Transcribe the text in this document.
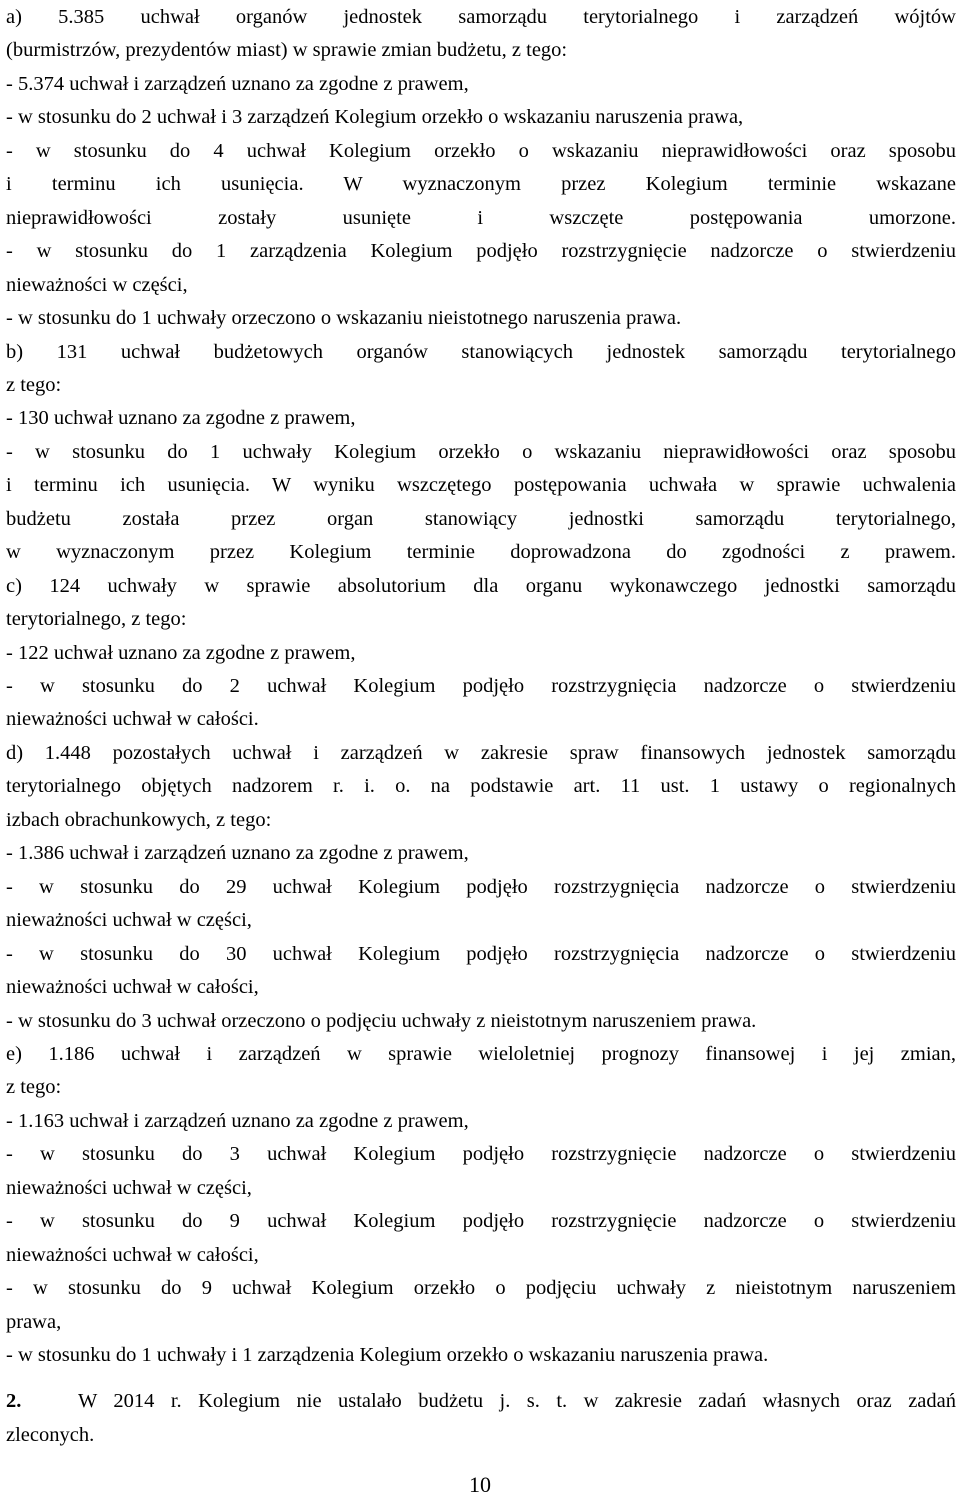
a) 5.385 uchwał organów jednostek samorządu terytorialnego i zarządzeń wójtów
(burmistrzów, prezydentów miast) w sprawie zmian budżetu, z tego:
- 5.374 uchwał i zarządzeń uznano za zgodne z prawem,
- w stosunku do 2 uchwał i 3 zarządzeń Kolegium orzekło o wskazaniu naruszenia prawa,
- w stosunku do 4 uchwał Kolegium orzekło o wskazaniu nieprawidłowości oraz sposobu
i terminu ich usunięcia. W wyznaczonym przez Kolegium terminie wskazane
nieprawidłowości zostały usunięte i wszczęte postępowania umorzone.
- w stosunku do 1 zarządzenia Kolegium podjęło rozstrzygnięcie nadzorcze o stwierdzeniu
nieważności w części,
- w stosunku do 1 uchwały orzeczono o wskazaniu nieistotnego naruszenia prawa.
b) 131 uchwał budżetowych organów stanowiących jednostek samorządu terytorialnego
z tego:
- 130 uchwał uznano za zgodne z prawem,
- w stosunku do 1 uchwały Kolegium orzekło o wskazaniu nieprawidłowości oraz sposobu
i terminu ich usunięcia. W wyniku wszczętego postępowania uchwała w sprawie uchwalenia
budżetu została przez organ stanowiący jednostki samorządu terytorialnego,
w wyznaczonym przez Kolegium terminie doprowadzona do zgodności z prawem.
c) 124 uchwały w sprawie absolutorium dla organu wykonawczego jednostki samorządu
terytorialnego, z tego:
- 122 uchwał uznano za zgodne z prawem,
- w stosunku do 2 uchwał Kolegium podjęło rozstrzygnięcia nadzorcze o stwierdzeniu
nieważności uchwał w całości.
d) 1.448 pozostałych uchwał i zarządzeń w zakresie spraw finansowych jednostek samorządu
terytorialnego objętych nadzorem r. i. o. na podstawie art. 11 ust. 1 ustawy o regionalnych
izbach obrachunkowych, z tego:
- 1.386 uchwał i zarządzeń uznano za zgodne z prawem,
- w stosunku do 29 uchwał Kolegium podjęło rozstrzygnięcia nadzorcze o stwierdzeniu
nieważności uchwał w części,
- w stosunku do 30 uchwał Kolegium podjęło rozstrzygnięcia nadzorcze o stwierdzeniu
nieważności uchwał w całości,
- w stosunku do 3 uchwał orzeczono o podjęciu uchwały z nieistotnym naruszeniem prawa.
e) 1.186 uchwał i zarządzeń w sprawie wieloletniej prognozy finansowej i jej zmian,
z tego:
- 1.163 uchwał i zarządzeń uznano za zgodne z prawem,
- w stosunku do 3 uchwał Kolegium podjęło rozstrzygnięcie nadzorcze o stwierdzeniu
nieważności uchwał w części,
- w stosunku do 9 uchwał Kolegium podjęło rozstrzygnięcie nadzorcze o stwierdzeniu
nieważności uchwał w całości,
- w stosunku do 9 uchwał Kolegium orzekło o podjęciu uchwały z nieistotnym naruszeniem
prawa,
- w stosunku do 1 uchwały i 1 zarządzenia Kolegium orzekło o wskazaniu naruszenia prawa.
2.	W 2014 r. Kolegium nie ustalało budżetu j. s. t. w zakresie zadań własnych oraz zadań
zleconych.
10
